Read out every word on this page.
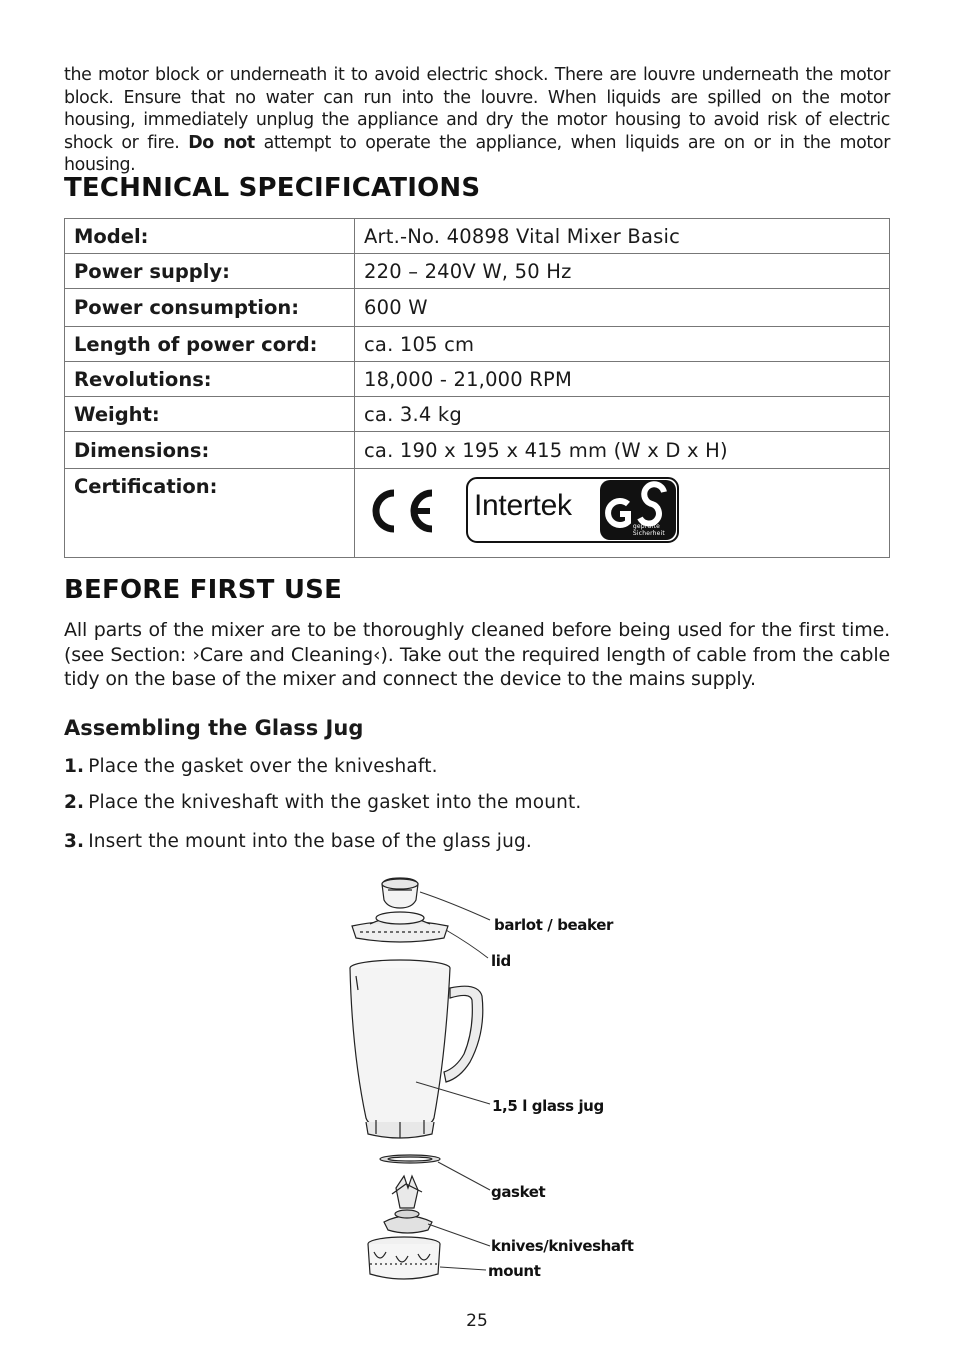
the motor block or underneath it to avoid electric shock. There are louvre underneath the motor block. Ensure that no water can run into the louvre. When liquids are spilled on the motor housing, immediately unplug the appliance and dry the motor housing to avoid risk of electric shock or fire. Do not attempt to operate the appliance, when liquids are on or in the motor housing.
TECHNICAL SPECIFICATIONS
Model:	Art.-No. 40898 Vital Mixer Basic
Power supply:	220 – 240V W, 50 Hz
Power consumption:	600 W
Length of power cord:	ca. 105 cm
Revolutions:	18,000 - 21,000 RPM
Weight:	ca. 3.4 kg
Dimensions:	ca. 190 x 195 x 415 mm (W x D x H)
Certification:	Intertek
geprüfte
Sicherheit
BEFORE FIRST USE

All parts of the mixer are to be thoroughly cleaned before being used for the first time. (see Section: ›Care and Cleaning‹). Take out the required length of cable from the cable tidy on the base of the mixer and connect the device to the mains supply.

Assembling the Glass Jug
1. Place the gasket over the kniveshaft.
2. Place the kniveshaft with the gasket into the mount.
3. Insert the mount into the base of the glass jug.
barlot / beaker
lid
1,5 l glass jug
gasket
knives/kniveshaft
mount
25
